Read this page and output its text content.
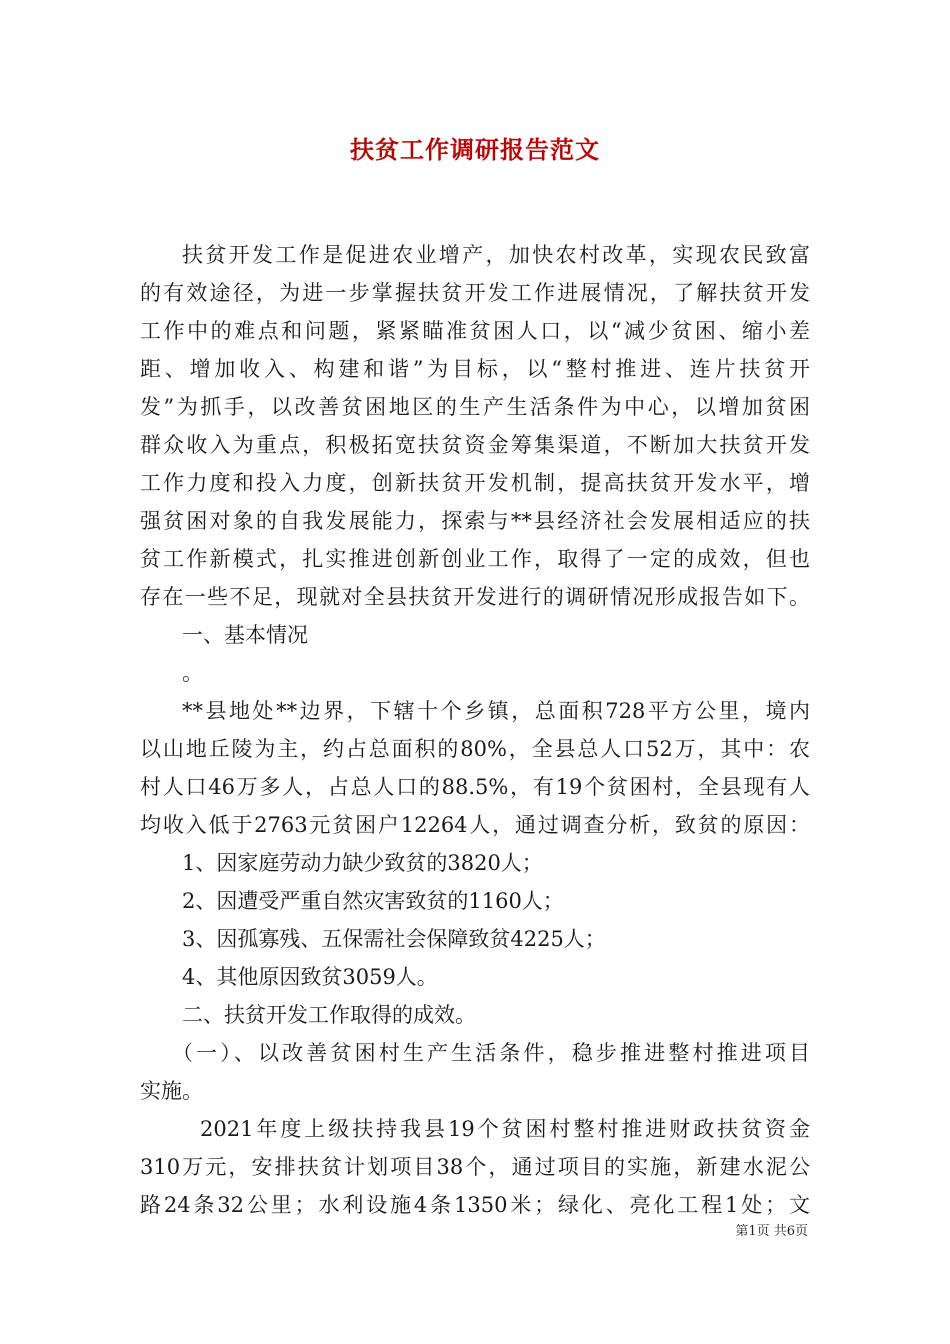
扶贫工作调研报告范文
扶贫开发工作是促进农业增产，加快农村改革，实现农民致富
的有效途径，为进一步掌握扶贫开发工作进展情况，了解扶贫开发
工作中的难点和问题，紧紧瞄准贫困人口，以“减少贫困、缩小差
距、增加收入、构建和谐”为目标，以“整村推进、连片扶贫开
发”为抓手，以改善贫困地区的生产生活条件为中心，以增加贫困
群众收入为重点，积极拓宽扶贫资金筹集渠道，不断加大扶贫开发
工作力度和投入力度，创新扶贫开发机制，提高扶贫开发水平，增
强贫困对象的自我发展能力，探索与**县经济社会发展相适应的扶
贫工作新模式，扎实推进创新创业工作，取得了一定的成效，但也
存在一些不足，现就对全县扶贫开发进行的调研情况形成报告如下。
一、基本情况
。
**县地处**边界，下辖十个乡镇，总面积728平方公里，境内
以山地丘陵为主，约占总面积的80%，全县总人口52万，其中：农
村人口46万多人，占总人口的88.5%，有19个贫困村，全县现有人
均收入低于2763元贫困户12264人，通过调查分析，致贫的原因：
1、因家庭劳动力缺少致贫的3820人；
2、因遭受严重自然灾害致贫的1160人；
3、因孤寡残、五保需社会保障致贫4225人；
4、其他原因致贫3059人。
二、扶贫开发工作取得的成效。
（一）、以改善贫困村生产生活条件，稳步推进整村推进项目
实施。
2021年度上级扶持我县19个贫困村整村推进财政扶贫资金
310万元，安排扶贫计划项目38个，通过项目的实施，新建水泥公
路24条32公里；水利设施4条1350米；绿化、亮化工程1处；文
第1页 共6页
